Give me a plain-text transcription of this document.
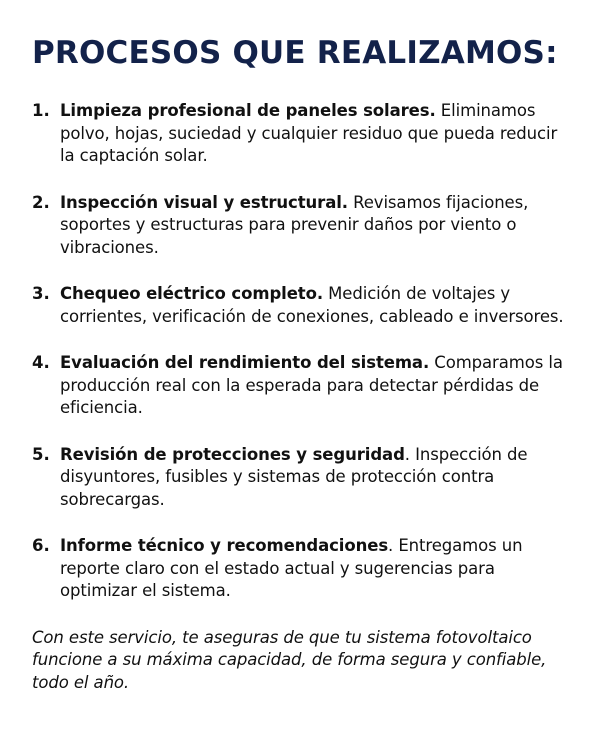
PROCESOS QUE REALIZAMOS:
1. Limpieza profesional de paneles solares. Eliminamos polvo, hojas, suciedad y cualquier residuo que pueda reducir la captación solar.
2. Inspección visual y estructural. Revisamos fijaciones, soportes y estructuras para prevenir daños por viento o vibraciones.
3. Chequeo eléctrico completo. Medición de voltajes y corrientes, verificación de conexiones, cableado e inversores.
4. Evaluación del rendimiento del sistema. Comparamos la producción real con la esperada para detectar pérdidas de eficiencia.
5. Revisión de protecciones y seguridad. Inspección de disyuntores, fusibles y sistemas de protección contra sobrecargas.
6. Informe técnico y recomendaciones. Entregamos un reporte claro con el estado actual y sugerencias para optimizar el sistema.

Con este servicio, te aseguras de que tu sistema fotovoltaico funcione a su máxima capacidad, de forma segura y confiable, todo el año.
